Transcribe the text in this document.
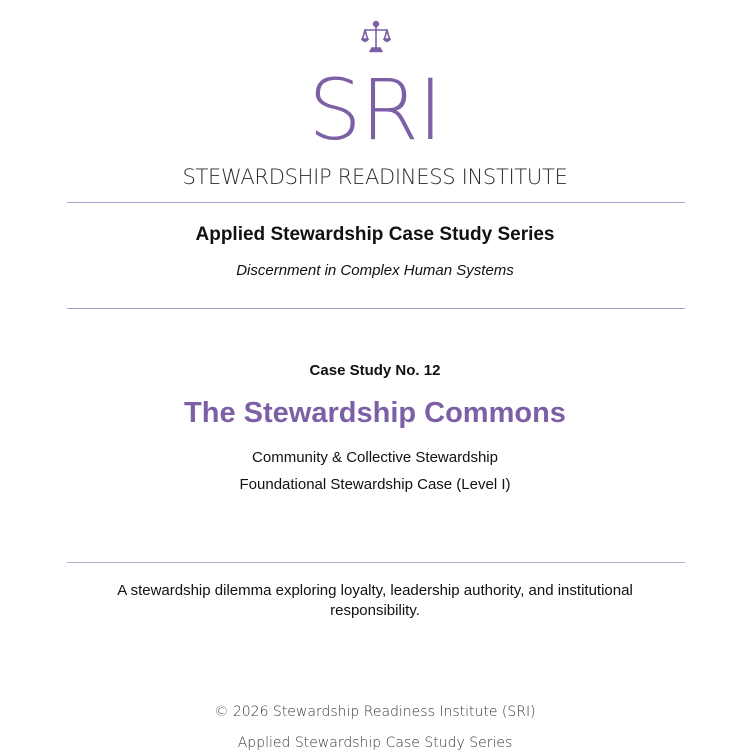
SRI
STEWARDSHIP READINESS INSTITUTE
Applied Stewardship Case Study Series
Discernment in Complex Human Systems
Case Study No. 12
The Stewardship Commons
Community & Collective Stewardship
Foundational Stewardship Case (Level I)
A stewardship dilemma exploring loyalty, leadership authority, and institutional responsibility.
© 2026 Stewardship Readiness Institute (SRI)
Applied Stewardship Case Study Series
